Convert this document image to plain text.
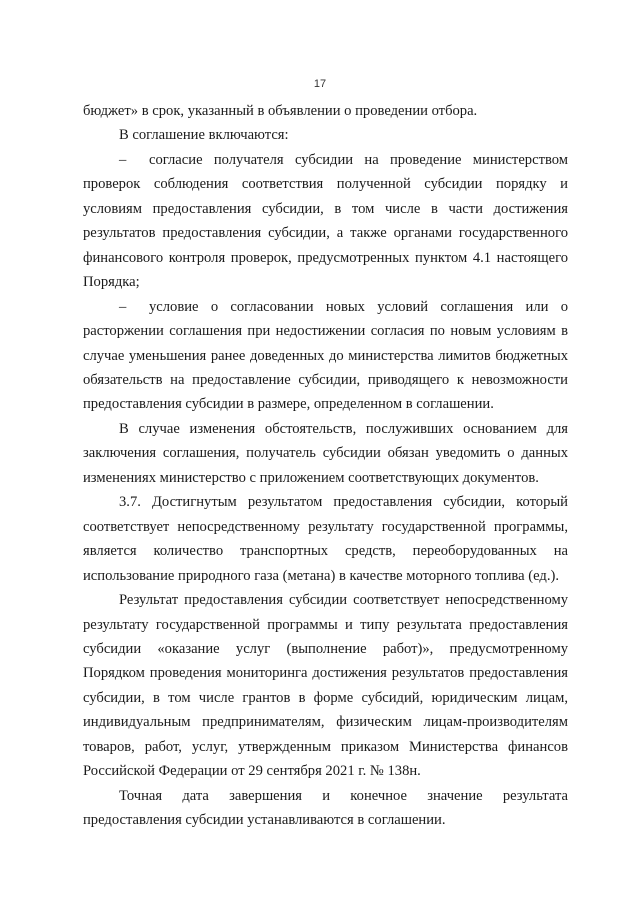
17

бюджет» в срок, указанный в объявлении о проведении отбора.

В соглашение включаются:

– согласие получателя субсидии на проведение министерством проверок соблюдения соответствия полученной субсидии порядку и условиям предоставления субсидии, в том числе в части достижения результатов предоставления субсидии, а также органами государственного финансового контроля проверок, предусмотренных пунктом 4.1 настоящего Порядка;

– условие о согласовании новых условий соглашения или о расторжении соглашения при недостижении согласия по новым условиям в случае уменьшения ранее доведенных до министерства лимитов бюджетных обязательств на предоставление субсидии, приводящего к невозможности предоставления субсидии в размере, определенном в соглашении.

В случае изменения обстоятельств, послуживших основанием для заключения соглашения, получатель субсидии обязан уведомить о данных изменениях министерство с приложением соответствующих документов.

3.7. Достигнутым результатом предоставления субсидии, который соответствует непосредственному результату государственной программы, является количество транспортных средств, переоборудованных на использование природного газа (метана) в качестве моторного топлива (ед.).

Результат предоставления субсидии соответствует непосредственному результату государственной программы и типу результата предоставления субсидии «оказание услуг (выполнение работ)», предусмотренному Порядком проведения мониторинга достижения результатов предоставления субсидии, в том числе грантов в форме субсидий, юридическим лицам, индивидуальным предпринимателям, физическим лицам-производителям товаров, работ, услуг, утвержденным приказом Министерства финансов Российской Федерации от 29 сентября 2021 г. № 138н.

Точная дата завершения и конечное значение результата предоставления субсидии устанавливаются в соглашении.
